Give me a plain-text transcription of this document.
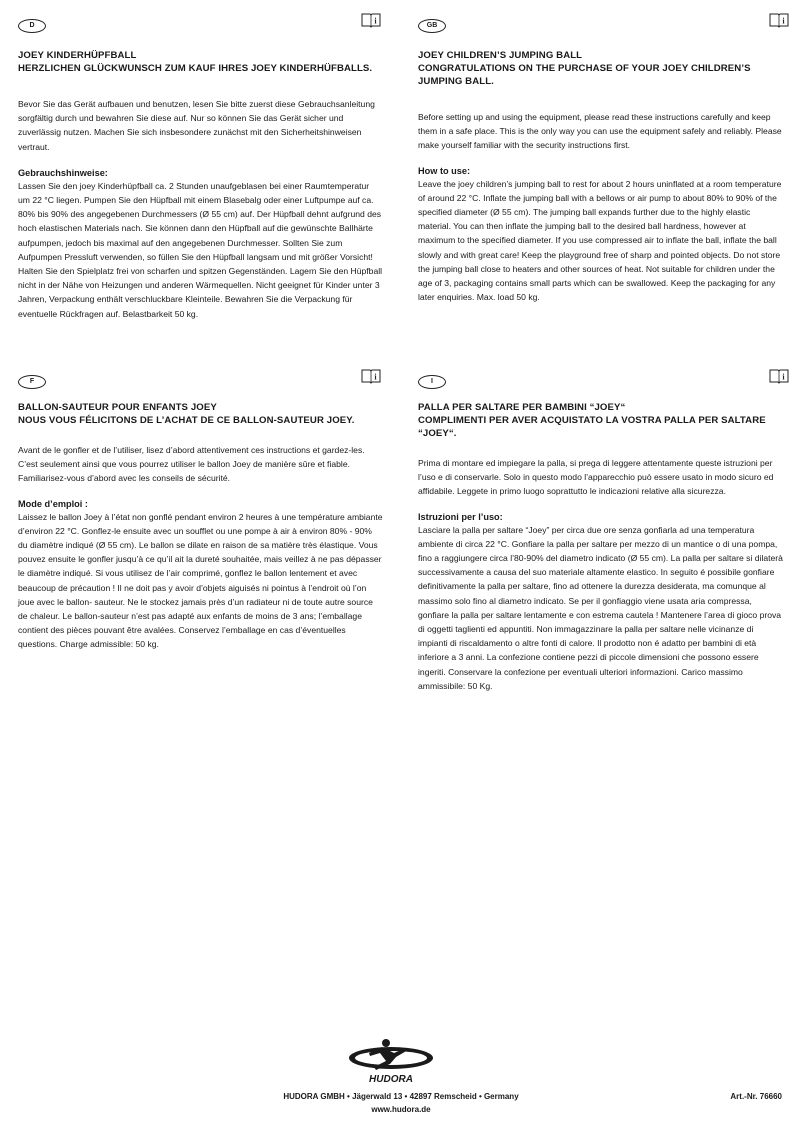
D	i
JOEY KINDERHÜPFBALL
HERZLICHEN GLÜCKWUNSCH ZUM KAUF IHRES JOEY KINDERHÜFBALLS.
Bevor Sie das Gerät aufbauen und benutzen, lesen Sie bitte zuerst diese Gebrauchsanleitung sorgfältig durch und bewahren Sie diese auf. Nur so können Sie das Gerät sicher und zuverlässig nutzen. Machen Sie sich insbesondere zunächst mit den Sicherheitshinweisen vertraut.
Gebrauchshinweise:
Lassen Sie den joey Kinderhüpfball ca. 2 Stunden unaufgeblasen bei einer Raumtemperatur um 22 °C liegen. Pumpen Sie den Hüpfball mit einem Blasebalg oder einer Luftpumpe auf ca. 80% bis 90% des angegebenen Durchmessers (Ø 55 cm) auf. Der Hüpfball dehnt aufgrund des hoch elastischen Materials nach. Sie können dann den Hüpfball auf die gewünschte Ballhärte aufpumpen, jedoch bis maximal auf den angegebenen Durchmesser. Sollten Sie zum Aufpumpen Pressluft verwenden, so füllen Sie den Hüpfball langsam und mit größer Vorsicht! Halten Sie den Spielplatz frei von scharfen und spitzen Gegenständen. Lagern Sie den Hüpfball nicht in der Nähe von Heizungen und anderen Wärmequellen. Nicht geeignet für Kinder unter 3 Jahren, Verpackung enthält verschluckbare Kleinteile. Bewahren Sie die Verpackung für eventuelle Rückfragen auf. Belastbarkeit 50 kg.
GB	i
JOEY CHILDREN’S JUMPING BALL
CONGRATULATIONS ON THE PURCHASE OF YOUR JOEY CHILDREN’S JUMPING BALL.
Before setting up and using the equipment, please read these instructions carefully and keep them in a safe place. This is the only way you can use the equipment safely and reliably. Please make yourself familiar with the security instructions first.
How to use:
Leave the joey children’s jumping ball to rest for about 2 hours uninflated at a room temperature of around 22 °C. Inflate the jumping ball with a bellows or air pump to about 80% to 90% of the specified diameter (Ø 55 cm). The jumping ball expands further due to the highly elastic material. You can then inflate the jumping ball to the desired ball hardness, however at maximum to the specified diameter. If you use compressed air to inflate the ball, inflate the ball slowly and with great care! Keep the playground free of sharp and pointed objects. Do not store the jumping ball close to heaters and other sources of heat. Not suitable for children under the age of 3, packaging contains small parts which can be swallowed. Keep the packaging for any later enquiries. Max. load 50 kg.
F	i
BALLON-SAUTEUR POUR ENFANTS JOEY
NOUS VOUS FÉLICITONS DE L’ACHAT DE CE BALLON-SAUTEUR JOEY.
Avant de le gonfler et de l’utiliser, lisez d’abord attentivement ces instructions et gardez-les. C’est seulement ainsi que vous pourrez utiliser le ballon Joey de manière sûre et fiable. Familiarisez-vous d’abord avec les conseils de sécurité.
Mode d’emploi :
Laissez le ballon Joey à l’état non gonflé pendant environ 2 heures à une température ambiante d’environ 22 °C. Gonflez-le ensuite avec un soufflet ou une pompe à air à environ 80% - 90% du diamètre indiqué (Ø 55 cm). Le ballon se dilate en raison de sa matière très élastique. Vous pouvez ensuite le gonfler jusqu’à ce qu’il ait la dureté souhaitée, mais veillez à ne pas dépasser le diamètre indiqué. Si vous utilisez de l’air comprimé, gonflez le ballon lentement et avec beaucoup de précaution ! Il ne doit pas y avoir d’objets aiguisés ni pointus à l’endroit où l’on joue avec le ballon- sauteur. Ne le stockez jamais près d’un radiateur ni de toute autre source de chaleur. Le ballon-sauteur n’est pas adapté aux enfants de moins de 3 ans; l’emballage contient des pièces pouvant être avalées. Conservez l’emballage en cas d’éventuelles questions. Charge admissible: 50 kg.
I	i
PALLA PER SALTARE PER BAMBINI “JOEY“
COMPLIMENTI PER AVER ACQUISTATO LA VOSTRA PALLA PER SALTARE “JOEY“.
Prima di montare ed impiegare la palla, si prega di leggere attentamente queste istruzioni per l’uso e di conservarle. Solo in questo modo l’apparecchio può essere usato in modo sicuro ed affidabile. Leggete in primo luogo soprattutto le indicazioni relative alla sicurezza.
Istruzioni per l’uso:
Lasciare la palla per saltare “Joey” per circa due ore senza gonfiarla ad una temperatura ambiente di circa 22 °C. Gonfiare la palla per saltare per mezzo di un mantice o di una pompa, fino a raggiungere circa l’80-90% del diametro indicato (Ø 55 cm). La palla per saltare si dilaterà successivamente a causa del suo materiale altamente elastico. In seguito é possibile gonfiare definitivamente la palla per saltare, fino ad ottenere la durezza desiderata, ma comunque al massimo solo fino al diametro indicato. Se per il gonfiaggio viene usata aria compressa, gonfiare la palla per saltare lentamente e con estrema cautela ! Mantenere l’area di gioco prova di oggetti taglienti ed appuntiti. Non immagazzinare la palla per saltare nelle vicinanze di impianti di riscaldamento o altre fonti di calore. Il prodotto non é adatto per bambini di età inferiore a 3 anni. La confezione contiene pezzi di piccole dimensioni che possono essere ingeriti. Conservare la confezione per eventuali ulteriori informazioni. Carico massimo ammissibile: 50 Kg.
HUDORA
HUDORA GMBH • Jägerwald 13 • 42897 Remscheid • Germany
www.hudora.de
Art.-Nr. 76660
